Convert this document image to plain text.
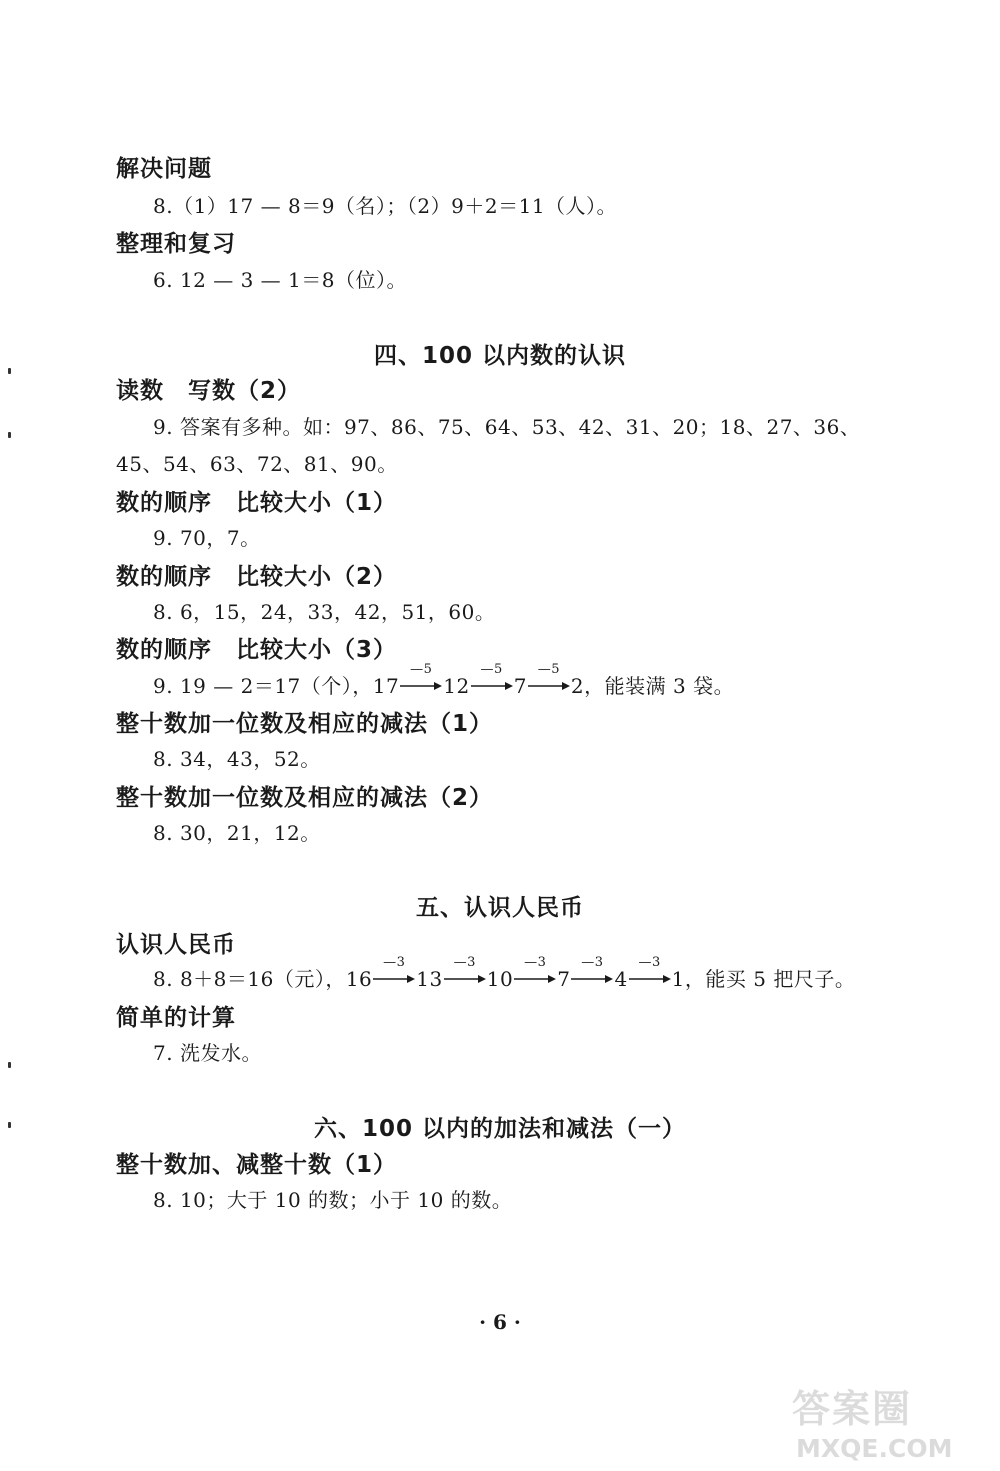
解决问题
8.（1）17 — 8＝9（名）；（2）9＋2＝11（人）。
整理和复习
6. 12 — 3 — 1＝8（位）。
四、100 以内数的认识
读数　写数（2）
9. 答案有多种。如：97、86、75、64、53、42、31、20；18、27、36、
45、54、63、72、81、90。
数的顺序　比较大小（1）
9. 70，7。
数的顺序　比较大小（2）
8. 6，15，24，33，42，51，60。
数的顺序　比较大小（3）
9. 19 — 2＝17（个），17
—5
12
—5
7
—5
2，能装满 3 袋。
整十数加一位数及相应的减法（1）
8. 34，43，52。
整十数加一位数及相应的减法（2）
8. 30，21，12。
五、认识人民币
认识人民币
8. 8＋8＝16（元），16
—3
13
—3
10
—3
7
—3
4
—3
1，能买 5 把尺子。
简单的计算
7. 洗发水。
六、100 以内的加法和减法（一）
整十数加、减整十数（1）
8. 10；大于 10 的数；小于 10 的数。
· 6 ·
答案圈
MXQE.COM
